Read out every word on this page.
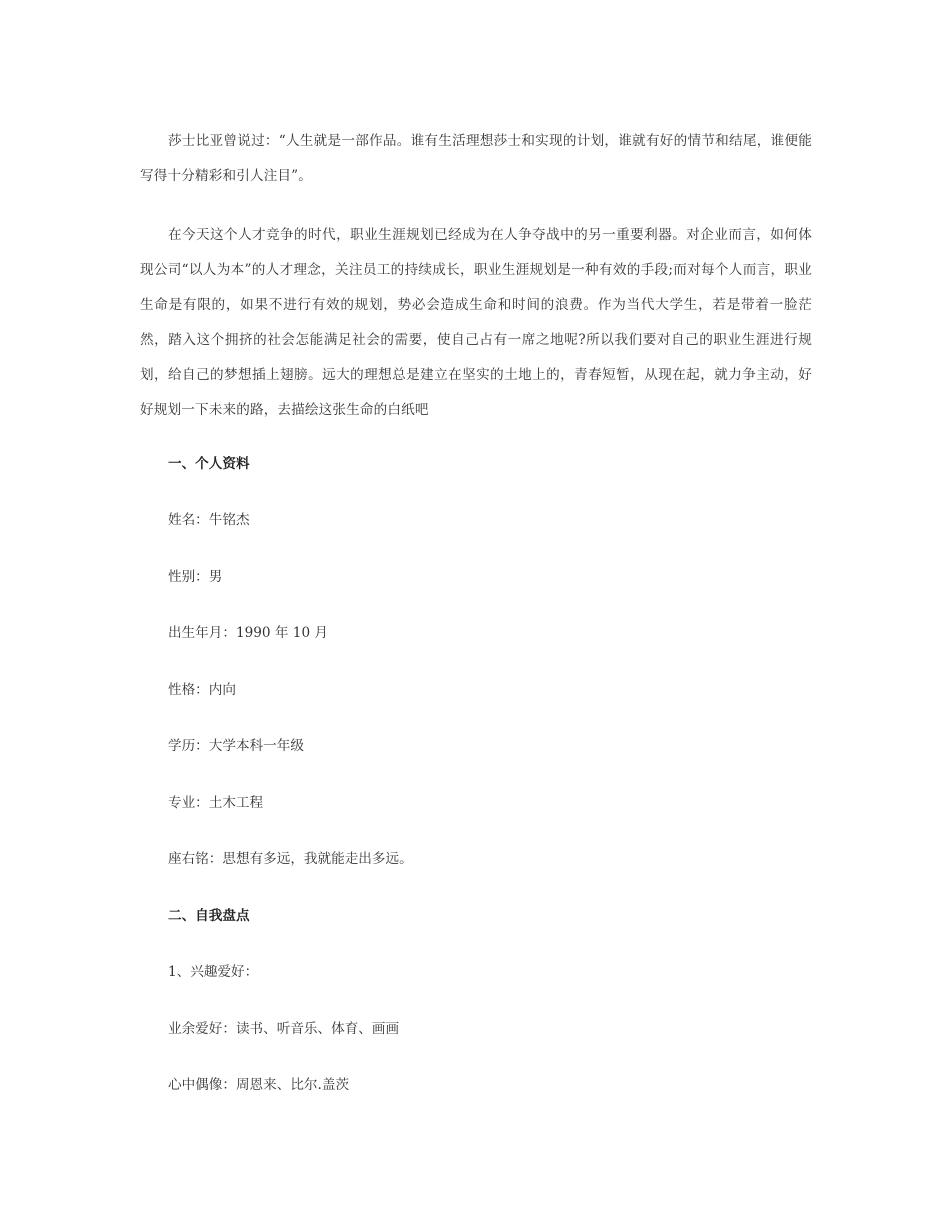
莎士比亚曾说过：“人生就是一部作品。谁有生活理想莎士和实现的计划，谁就有好的情节和结尾，谁便能写得十分精彩和引人注目”。

在今天这个人才竞争的时代，职业生涯规划已经成为在人争夺战中的另一重要利器。对企业而言，如何体现公司“以人为本”的人才理念，关注员工的持续成长，职业生涯规划是一种有效的手段;而对每个人而言，职业生命是有限的，如果不进行有效的规划，势必会造成生命和时间的浪费。作为当代大学生，若是带着一脸茫然，踏入这个拥挤的社会怎能满足社会的需要，使自己占有一席之地呢?所以我们要对自己的职业生涯进行规划，给自己的梦想插上翅膀。远大的理想总是建立在坚实的土地上的，青春短暂，从现在起，就力争主动，好好规划一下未来的路，去描绘这张生命的白纸吧

一、个人资料
姓名：牛铭杰
性别：男
出生年月：1990 年 10 月
性格：内向
学历：大学本科一年级
专业：土木工程
座右铭：思想有多远，我就能走出多远。
二、自我盘点
1、兴趣爱好：
业余爱好：读书、听音乐、体育、画画
心中偶像：周恩来、比尔.盖茨
